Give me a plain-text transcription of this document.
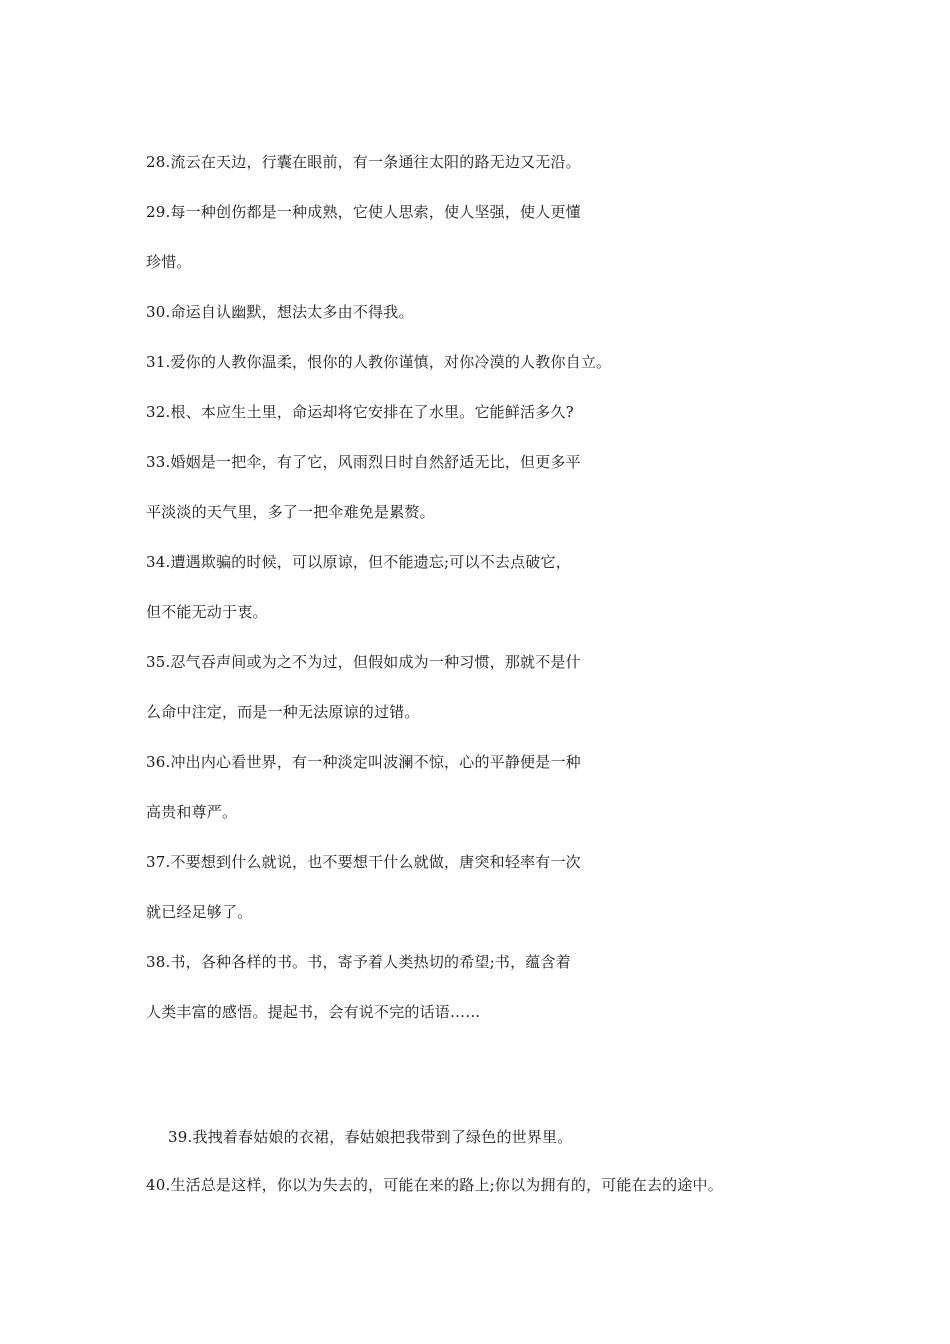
28.流云在天边，行囊在眼前，有一条通往太阳的路无边又无沿。
29.每一种创伤都是一种成熟，它使人思索，使人坚强，使人更懂
珍惜。
30.命运自认幽默，想法太多由不得我。
31.爱你的人教你温柔，恨你的人教你谨慎，对你冷漠的人教你自立。
32.根、本应生土里，命运却将它安排在了水里。它能鲜活多久?
33.婚姻是一把伞，有了它，风雨烈日时自然舒适无比，但更多平
平淡淡的天气里，多了一把伞难免是累赘。
34.遭遇欺骗的时候，可以原谅，但不能遗忘;可以不去点破它，
但不能无动于衷。
35.忍气吞声间或为之不为过，但假如成为一种习惯，那就不是什
么命中注定，而是一种无法原谅的过错。
36.冲出内心看世界，有一种淡定叫波澜不惊，心的平静便是一种
高贵和尊严。
37.不要想到什么就说，也不要想干什么就做，唐突和轻率有一次
就已经足够了。
38.书，各种各样的书。书，寄予着人类热切的希望;书，蕴含着
人类丰富的感悟。提起书，会有说不完的话语……
39.我拽着春姑娘的衣裙，春姑娘把我带到了绿色的世界里。
40.生活总是这样，你以为失去的，可能在来的路上;你以为拥有的，可能在去的途中。
